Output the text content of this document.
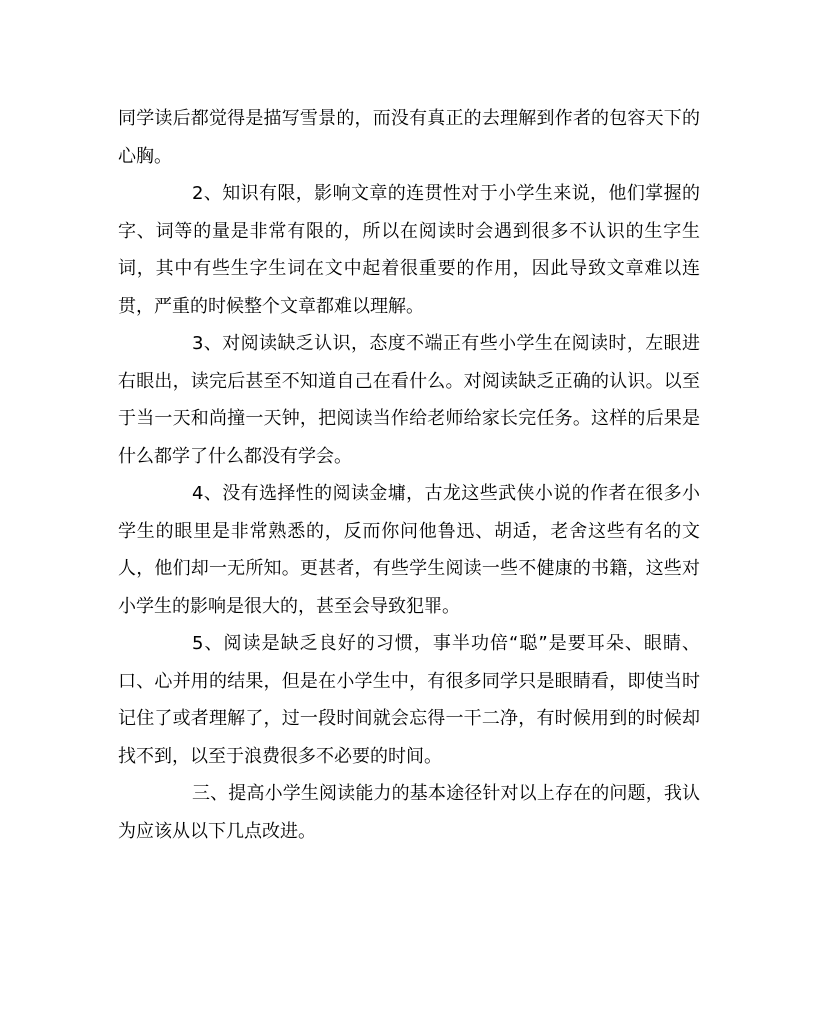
同学读后都觉得是描写雪景的，而没有真正的去理解到作者的包容天下的心胸。

2、知识有限，影响文章的连贯性对于小学生来说，他们掌握的字、词等的量是非常有限的，所以在阅读时会遇到很多不认识的生字生词，其中有些生字生词在文中起着很重要的作用，因此导致文章难以连贯，严重的时候整个文章都难以理解。

3、对阅读缺乏认识，态度不端正有些小学生在阅读时，左眼进右眼出，读完后甚至不知道自己在看什么。对阅读缺乏正确的认识。以至于当一天和尚撞一天钟，把阅读当作给老师给家长完任务。这样的后果是什么都学了什么都没有学会。

4、没有选择性的阅读金墉，古龙这些武侠小说的作者在很多小学生的眼里是非常熟悉的，反而你问他鲁迅、胡适，老舍这些有名的文人，他们却一无所知。更甚者，有些学生阅读一些不健康的书籍，这些对小学生的影响是很大的，甚至会导致犯罪。

5、阅读是缺乏良好的习惯，事半功倍“聪”是要耳朵、眼睛、口、心并用的结果，但是在小学生中，有很多同学只是眼睛看，即使当时记住了或者理解了，过一段时间就会忘得一干二净，有时候用到的时候却找不到，以至于浪费很多不必要的时间。

三、提高小学生阅读能力的基本途径针对以上存在的问题，我认为应该从以下几点改进。
